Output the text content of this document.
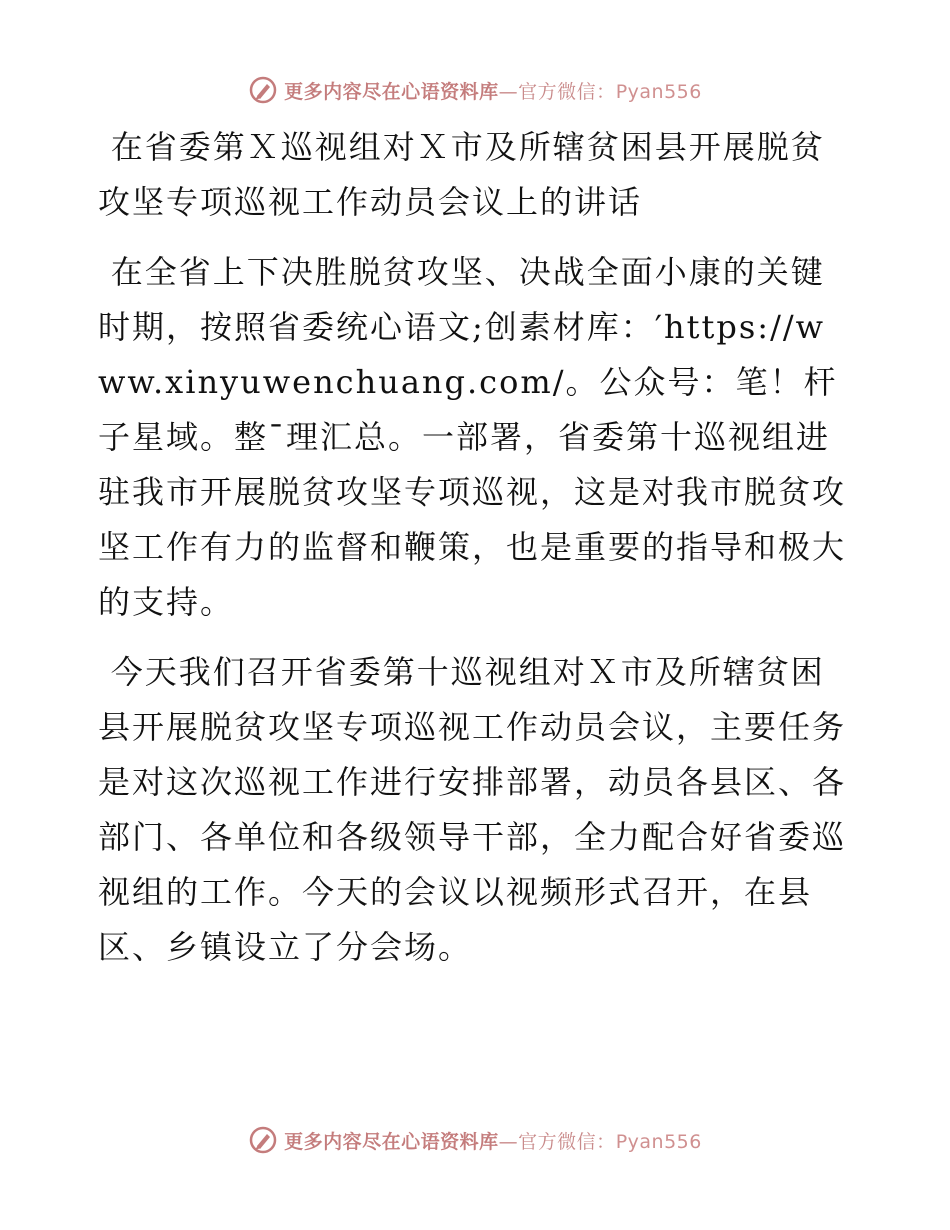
更多内容尽在心语资料库—官方微信：Pyan556
在省委第Ｘ巡视组对Ｘ市及所辖贫困县开展脱贫攻坚专项巡视工作动员会议上的讲话

在全省上下决胜脱贫攻坚、决战全面小康的关键时期，按照省委统心语文;创素材库：′https://www.xinyuwenchuang.com/。公众号：笔！杆子星域。整¯理汇总。一部署，省委第十巡视组进驻我市开展脱贫攻坚专项巡视，这是对我市脱贫攻坚工作有力的监督和鞭策，也是重要的指导和极大的支持。

今天我们召开省委第十巡视组对Ｘ市及所辖贫困县开展脱贫攻坚专项巡视工作动员会议，主要任务是对这次巡视工作进行安排部署，动员各县区、各部门、各单位和各级领导干部，全力配合好省委巡视组的工作。今天的会议以视频形式召开，在县区、乡镇设立了分会场。

更多内容尽在心语资料库—官方微信：Pyan556
